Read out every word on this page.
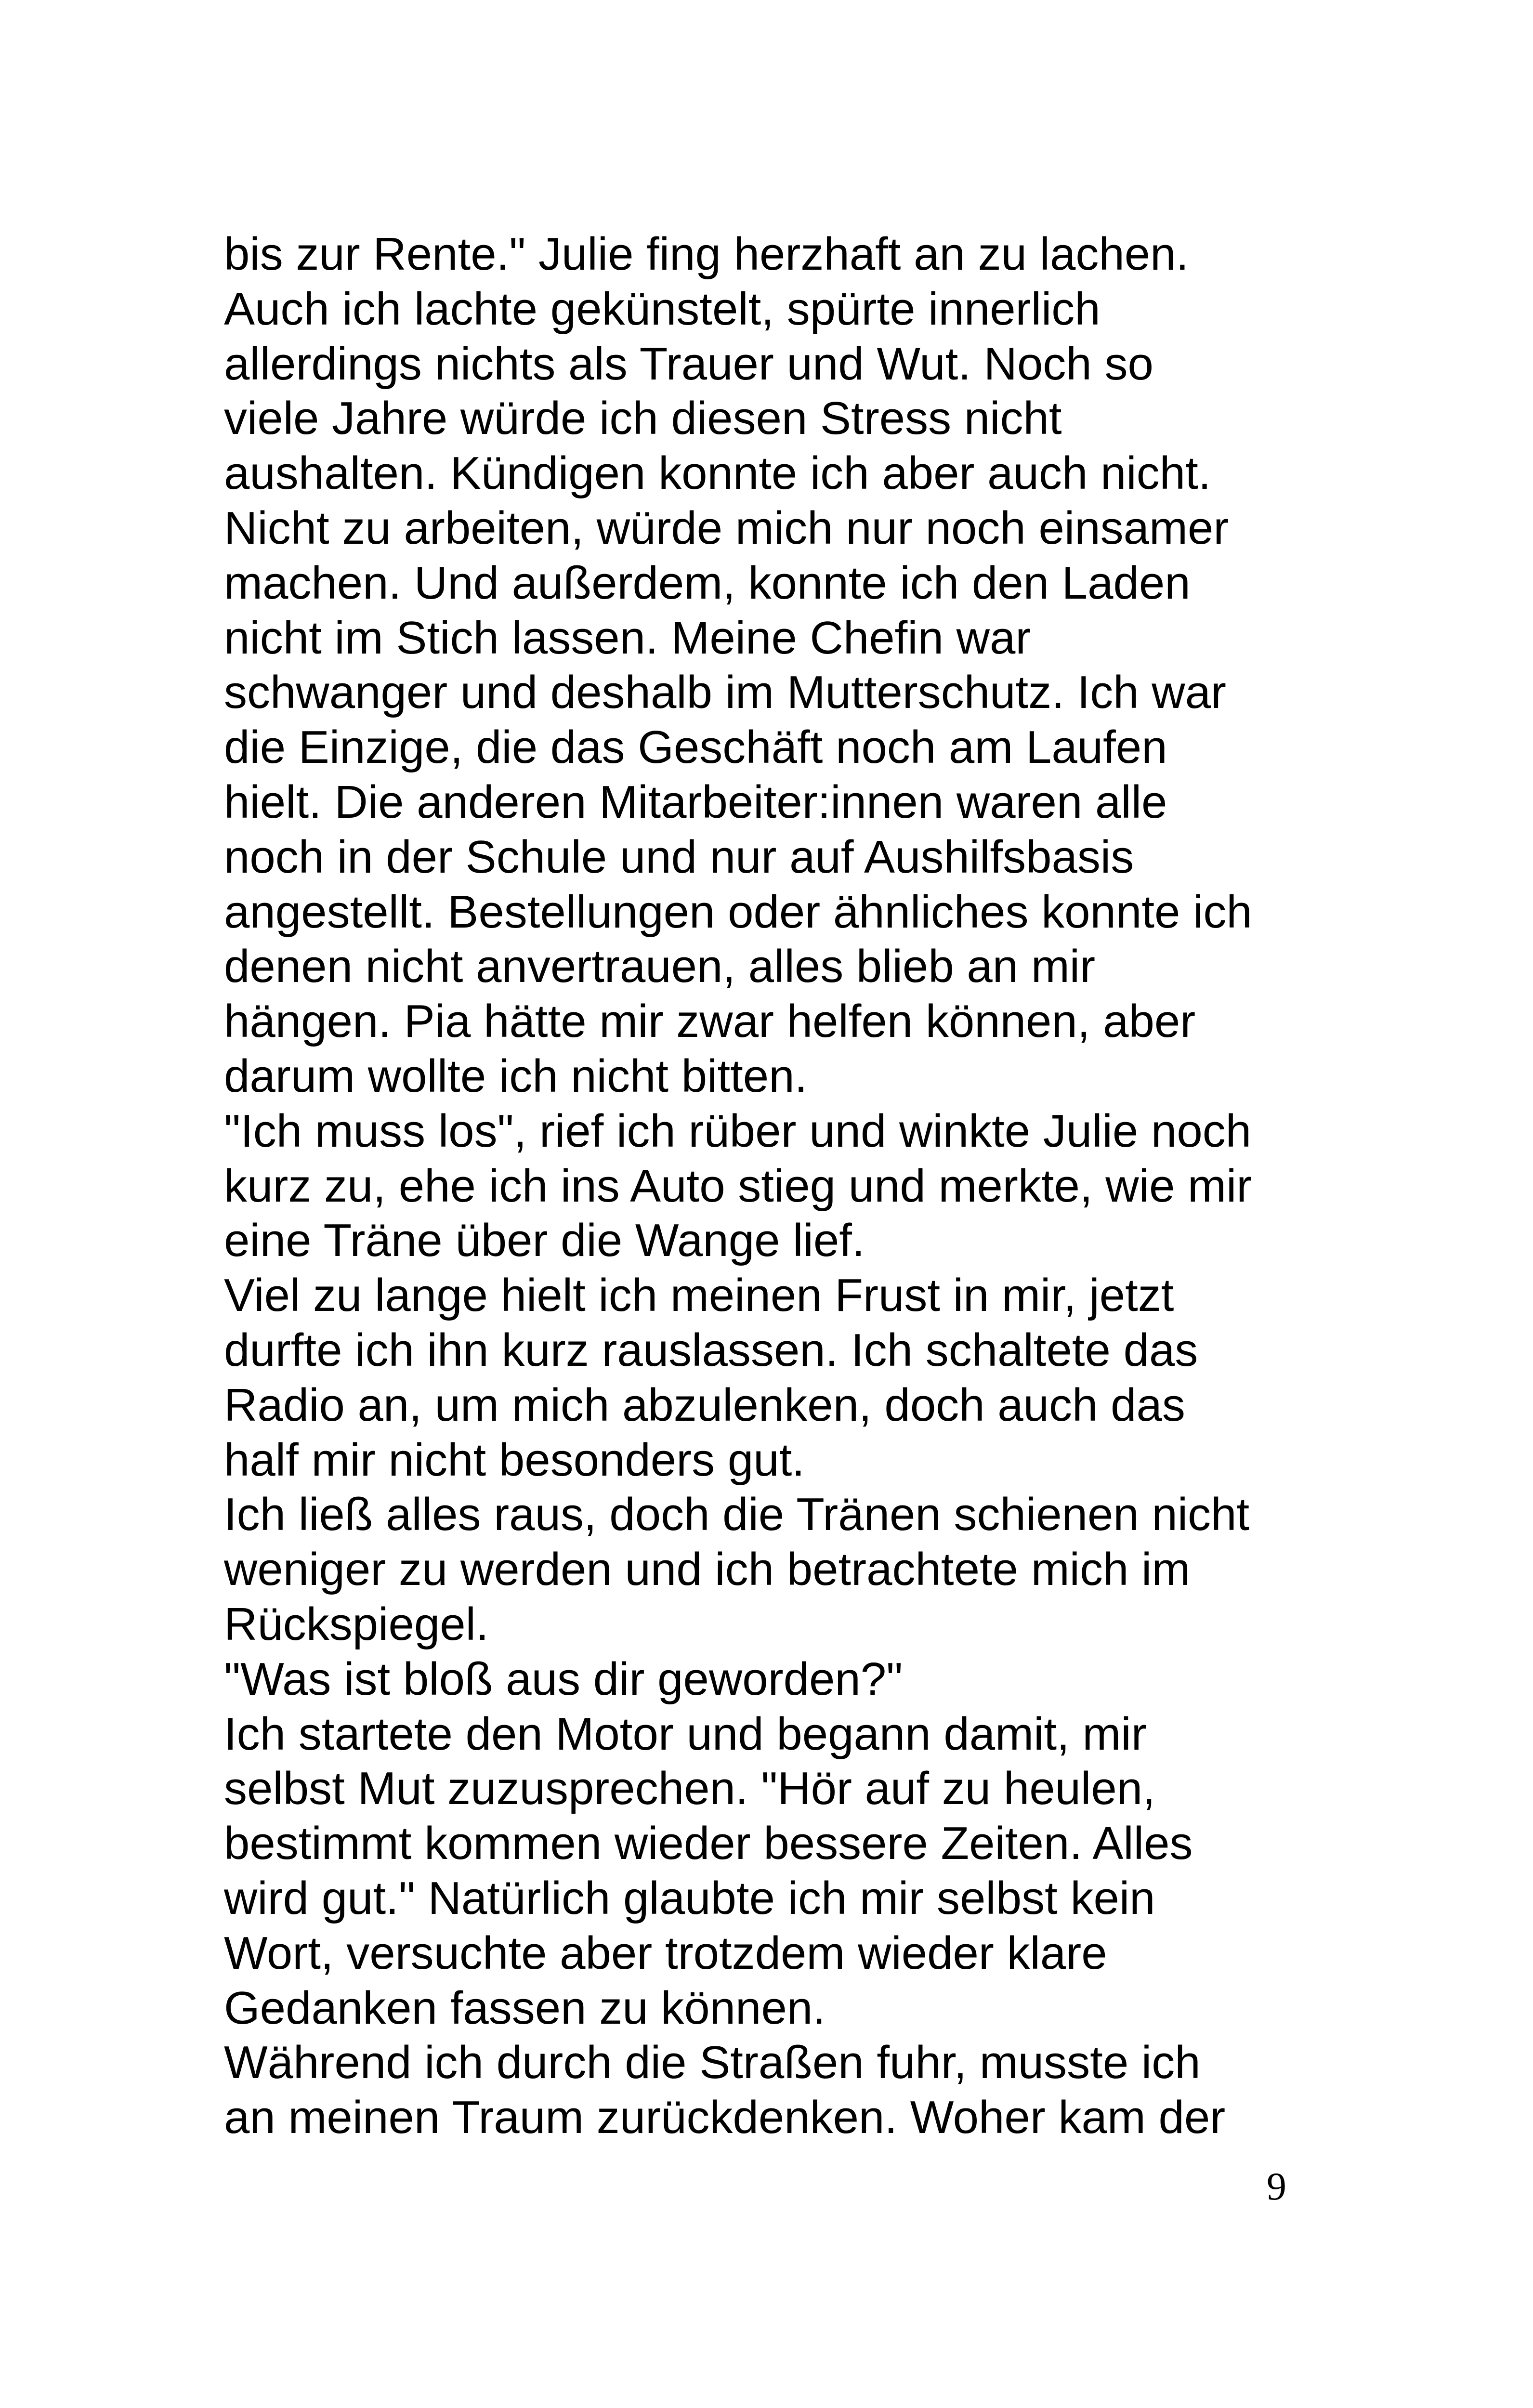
bis zur Rente." Julie fing herzhaft an zu lachen.
Auch ich lachte gekünstelt, spürte innerlich
allerdings nichts als Trauer und Wut. Noch so
viele Jahre würde ich diesen Stress nicht
aushalten. Kündigen konnte ich aber auch nicht.
Nicht zu arbeiten, würde mich nur noch einsamer
machen. Und außerdem, konnte ich den Laden
nicht im Stich lassen. Meine Chefin war
schwanger und deshalb im Mutterschutz. Ich war
die Einzige, die das Geschäft noch am Laufen
hielt. Die anderen Mitarbeiter:innen waren alle
noch in der Schule und nur auf Aushilfsbasis
angestellt. Bestellungen oder ähnliches konnte ich
denen nicht anvertrauen, alles blieb an mir
hängen. Pia hätte mir zwar helfen können, aber
darum wollte ich nicht bitten.
"Ich muss los", rief ich rüber und winkte Julie noch
kurz zu, ehe ich ins Auto stieg und merkte, wie mir
eine Träne über die Wange lief.
Viel zu lange hielt ich meinen Frust in mir, jetzt
durfte ich ihn kurz rauslassen. Ich schaltete das
Radio an, um mich abzulenken, doch auch das
half mir nicht besonders gut.
Ich ließ alles raus, doch die Tränen schienen nicht
weniger zu werden und ich betrachtete mich im
Rückspiegel.
"Was ist bloß aus dir geworden?"
Ich startete den Motor und begann damit, mir
selbst Mut zuzusprechen. "Hör auf zu heulen,
bestimmt kommen wieder bessere Zeiten. Alles
wird gut." Natürlich glaubte ich mir selbst kein
Wort, versuchte aber trotzdem wieder klare
Gedanken fassen zu können.
Während ich durch die Straßen fuhr, musste ich
an meinen Traum zurückdenken. Woher kam der
9
